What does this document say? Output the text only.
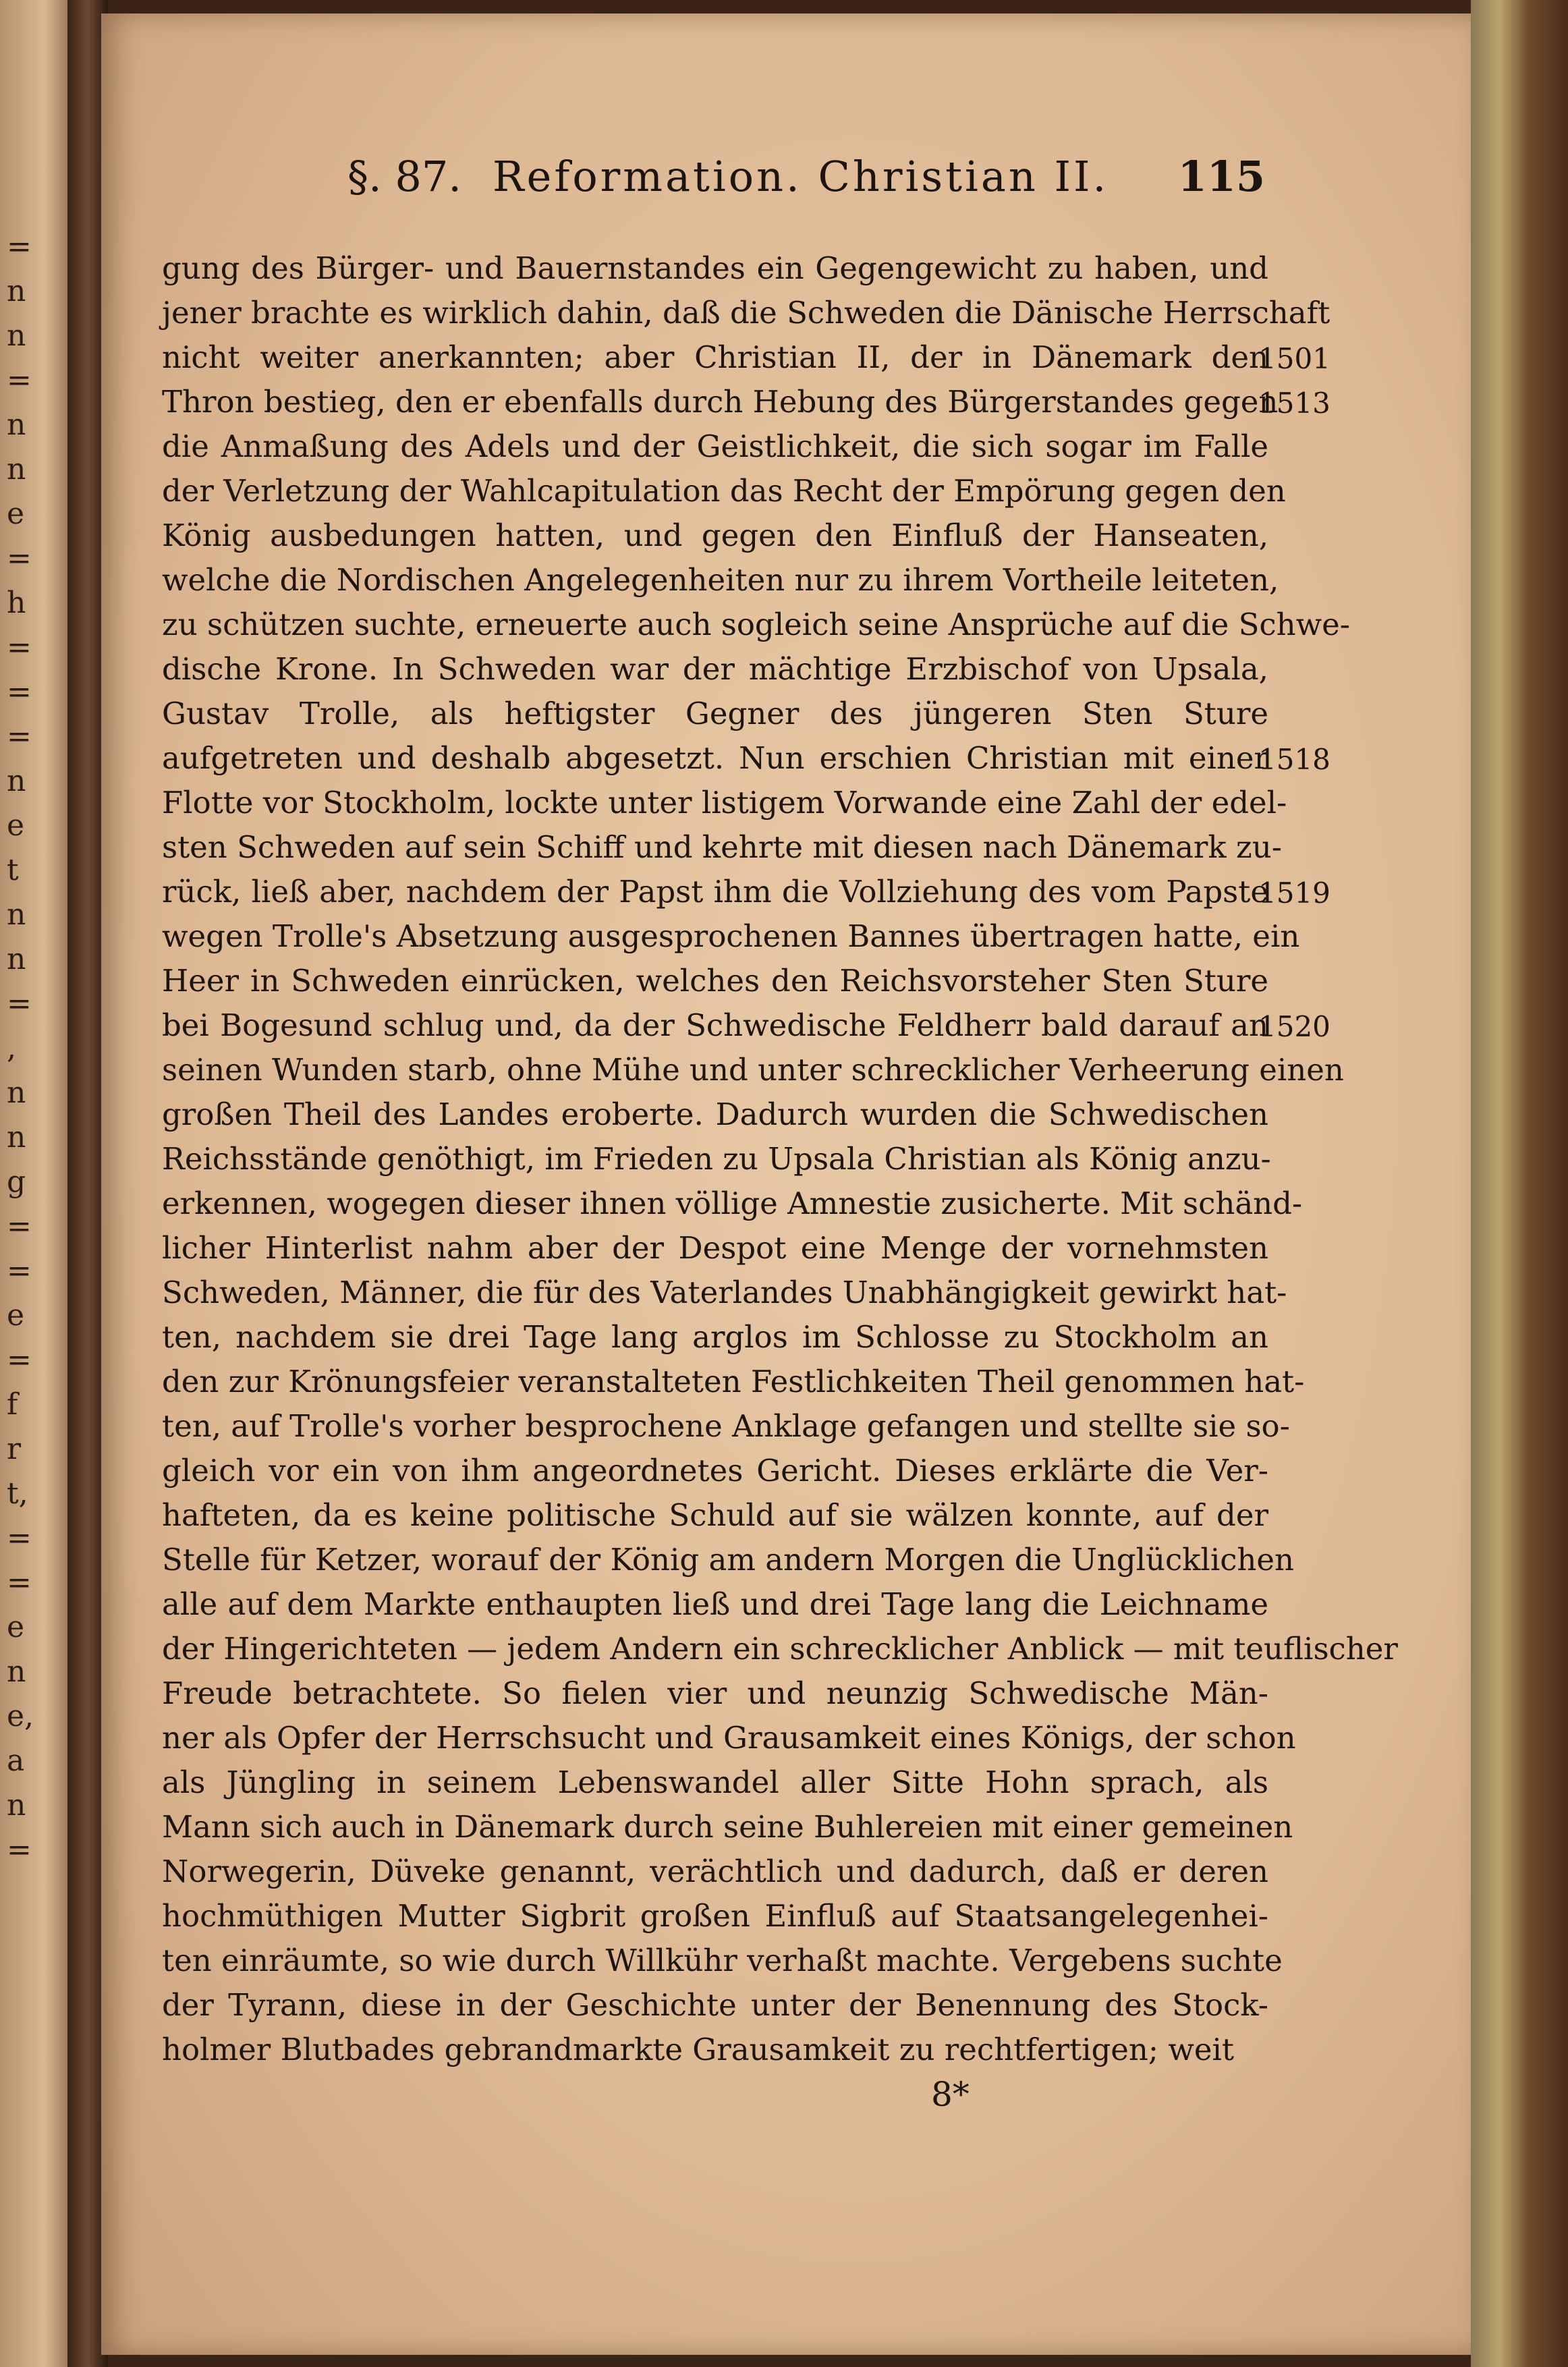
=
n
n
=
n
n
e
=
h
=
=
=
n
e
t
n
n
=
,
n
n
g
=
=
e
=
f
r
t,
=
=
e
n
e,
a
n
=
§. 87. Reformation. Christian II. 115
gung des Bürger- und Bauernstandes ein Gegengewicht zu haben, und
jener brachte es wirklich dahin, daß die Schweden die Dänische Herrschaft
nicht weiter anerkannten; aber Christian II, der in Dänemark den
Thron bestieg, den er ebenfalls durch Hebung des Bürgerstandes gegen
die Anmaßung des Adels und der Geistlichkeit, die sich sogar im Falle
der Verletzung der Wahlcapitulation das Recht der Empörung gegen den
König ausbedungen hatten, und gegen den Einfluß der Hanseaten,
welche die Nordischen Angelegenheiten nur zu ihrem Vortheile leiteten,
zu schützen suchte, erneuerte auch sogleich seine Ansprüche auf die Schwe-
dische Krone. In Schweden war der mächtige Erzbischof von Upsala,
Gustav Trolle, als heftigster Gegner des jüngeren Sten Sture
aufgetreten und deshalb abgesetzt. Nun erschien Christian mit einer
Flotte vor Stockholm, lockte unter listigem Vorwande eine Zahl der edel-
sten Schweden auf sein Schiff und kehrte mit diesen nach Dänemark zu-
rück, ließ aber, nachdem der Papst ihm die Vollziehung des vom Papste
wegen Trolle's Absetzung ausgesprochenen Bannes übertragen hatte, ein
Heer in Schweden einrücken, welches den Reichsvorsteher Sten Sture
bei Bogesund schlug und, da der Schwedische Feldherr bald darauf an
seinen Wunden starb, ohne Mühe und unter schrecklicher Verheerung einen
großen Theil des Landes eroberte. Dadurch wurden die Schwedischen
Reichsstände genöthigt, im Frieden zu Upsala Christian als König anzu-
erkennen, wogegen dieser ihnen völlige Amnestie zusicherte. Mit schänd-
licher Hinterlist nahm aber der Despot eine Menge der vornehmsten
Schweden, Männer, die für des Vaterlandes Unabhängigkeit gewirkt hat-
ten, nachdem sie drei Tage lang arglos im Schlosse zu Stockholm an
den zur Krönungsfeier veranstalteten Festlichkeiten Theil genommen hat-
ten, auf Trolle's vorher besprochene Anklage gefangen und stellte sie so-
gleich vor ein von ihm angeordnetes Gericht. Dieses erklärte die Ver-
hafteten, da es keine politische Schuld auf sie wälzen konnte, auf der
Stelle für Ketzer, worauf der König am andern Morgen die Unglücklichen
alle auf dem Markte enthaupten ließ und drei Tage lang die Leichname
der Hingerichteten — jedem Andern ein schrecklicher Anblick — mit teuflischer
Freude betrachtete. So fielen vier und neunzig Schwedische Män-
ner als Opfer der Herrschsucht und Grausamkeit eines Königs, der schon
als Jüngling in seinem Lebenswandel aller Sitte Hohn sprach, als
Mann sich auch in Dänemark durch seine Buhlereien mit einer gemeinen
Norwegerin, Düveke genannt, verächtlich und dadurch, daß er deren
hochmüthigen Mutter Sigbrit großen Einfluß auf Staatsangelegenhei-
ten einräumte, so wie durch Willkühr verhaßt machte. Vergebens suchte
der Tyrann, diese in der Geschichte unter der Benennung des Stock-
holmer Blutbades gebrandmarkte Grausamkeit zu rechtfertigen; weit
1501
1513
1518
1519
1520
8*
